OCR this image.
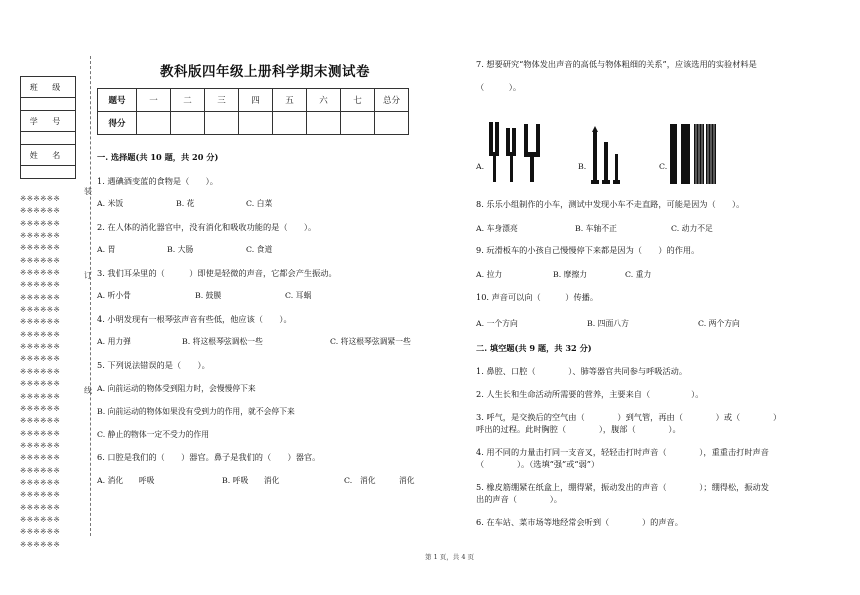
班 级

学 号

姓 名

※※※※※※
※※※※※※
※※※※※※
※※※※※※
※※※※※※
※※※※※※
※※※※※※
※※※※※※
※※※※※※
※※※※※※
※※※※※※
※※※※※※
※※※※※※
※※※※※※
※※※※※※
※※※※※※
※※※※※※
※※※※※※
※※※※※※
※※※※※※
※※※※※※
※※※※※※
※※※※※※
※※※※※※
※※※※※※
※※※※※※
※※※※※※
※※※※※※
※※※※※※
装
订
线
教科版四年级上册科学期末测试卷
题号	一	二	三	四	五	六	七	总分
得分								
一. 选择题(共 10 题，共 20 分)
1. 遇碘酒变蓝的食物是（　　）。
A. 米饭	B. 花	C. 白菜
2. 在人体的消化器官中，没有消化和吸收功能的是（　　）。
A. 胃	B. 大肠	C. 食道
3. 我们耳朵里的（　　　）即使是轻微的声音，它都会产生振动。
A. 听小骨	B. 鼓膜	C. 耳蜗
4. 小明发现有一根琴弦声音有些低，他应该（　　）。
A. 用力弹	B. 将这根琴弦调松一些	C. 将这根琴弦调紧一些
5. 下列说法错误的是（　　）。
A. 向前运动的物体受到阻力时，会慢慢停下来
B. 向前运动的物体如果没有受到力的作用，就不会停下来
C. 静止的物体一定不受力的作用
6. 口腔是我们的（　　）器官。鼻子是我们的（　　）器官。
A. 消化　　呼吸	B. 呼吸　　消化	C.　消化　　　消化
7. 想要研究“物体发出声音的高低与物体粗细的关系”，应该选用的实验材料是
（　　　）。
A.	B.	C.
8. 乐乐小组制作的小车，测试中发现小车不走直路，可能是因为（　　）。
A. 车身漂亮	B. 车轴不正	C. 动力不足
9. 玩滑板车的小孩自己慢慢停下来都是因为（　　）的作用。
A. 拉力	B. 摩擦力	C. 重力
10. 声音可以向（　　　）传播。
A. 一个方向	B. 四面八方	C. 两个方向
二. 填空题(共 9 题，共 32 分)
1. 鼻腔、口腔（　　　　）、肺等器官共同参与呼吸活动。
2. 人生长和生命活动所需要的营养，主要来自（　　　　　）。
3. 呼气，是交换后的空气由（　　　　）到气管，再由（　　　　）或（　　　　）
呼出的过程。此时胸腔（　　　　），腹部（　　　　）。
4. 用不同的力量击打同一支音叉，轻轻击打时声音（　　　　），重重击打时声音
（　　　　）。（选填“强”或“弱”）
5. 橡皮筋绷紧在纸盒上，绷得紧，振动发出的声音（　　　　）；绷得松，振动发
出的声音（　　　　）。
6. 在车站、菜市场等地经常会听到（　　　　）的声音。
第 1 页，共 4 页
